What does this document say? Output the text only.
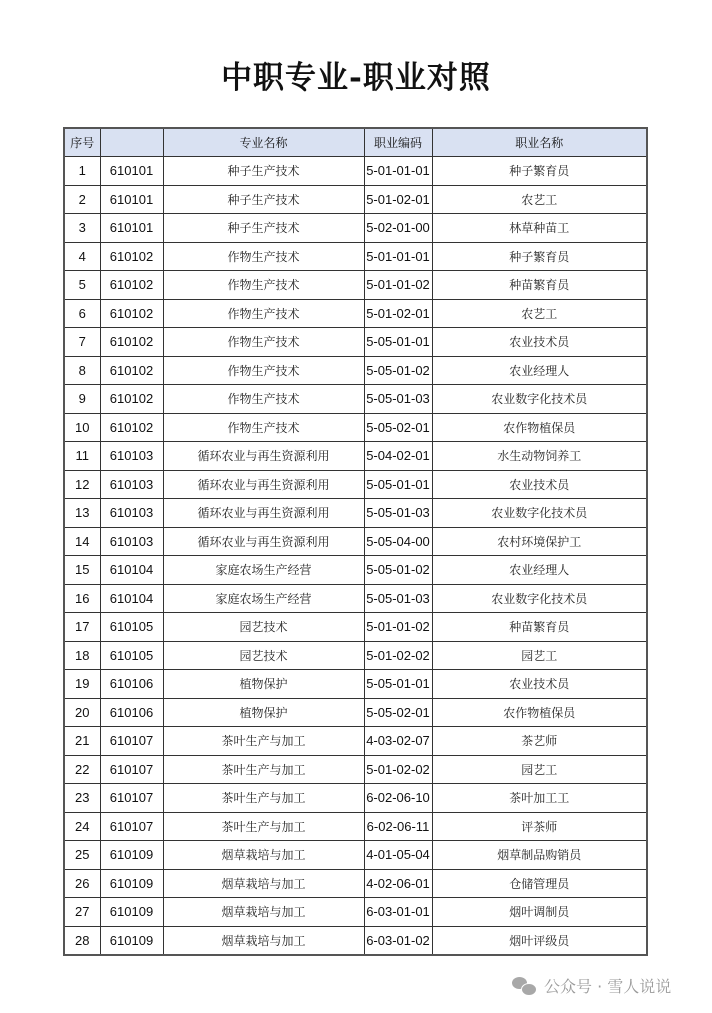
中职专业-职业对照
序号		专业名称	职业编码	职业名称
1	610101	种子生产技术	5-01-01-01	种子繁育员
2	610101	种子生产技术	5-01-02-01	农艺工
3	610101	种子生产技术	5-02-01-00	林草种苗工
4	610102	作物生产技术	5-01-01-01	种子繁育员
5	610102	作物生产技术	5-01-01-02	种苗繁育员
6	610102	作物生产技术	5-01-02-01	农艺工
7	610102	作物生产技术	5-05-01-01	农业技术员
8	610102	作物生产技术	5-05-01-02	农业经理人
9	610102	作物生产技术	5-05-01-03	农业数字化技术员
10	610102	作物生产技术	5-05-02-01	农作物植保员
11	610103	循环农业与再生资源利用	5-04-02-01	水生动物饲养工
12	610103	循环农业与再生资源利用	5-05-01-01	农业技术员
13	610103	循环农业与再生资源利用	5-05-01-03	农业数字化技术员
14	610103	循环农业与再生资源利用	5-05-04-00	农村环境保护工
15	610104	家庭农场生产经营	5-05-01-02	农业经理人
16	610104	家庭农场生产经营	5-05-01-03	农业数字化技术员
17	610105	园艺技术	5-01-01-02	种苗繁育员
18	610105	园艺技术	5-01-02-02	园艺工
19	610106	植物保护	5-05-01-01	农业技术员
20	610106	植物保护	5-05-02-01	农作物植保员
21	610107	茶叶生产与加工	4-03-02-07	茶艺师
22	610107	茶叶生产与加工	5-01-02-02	园艺工
23	610107	茶叶生产与加工	6-02-06-10	茶叶加工工
24	610107	茶叶生产与加工	6-02-06-11	评茶师
25	610109	烟草栽培与加工	4-01-05-04	烟草制品购销员
26	610109	烟草栽培与加工	4-02-06-01	仓储管理员
27	610109	烟草栽培与加工	6-03-01-01	烟叶调制员
28	610109	烟草栽培与加工	6-03-01-02	烟叶评级员
公众号 · 雪人说说
